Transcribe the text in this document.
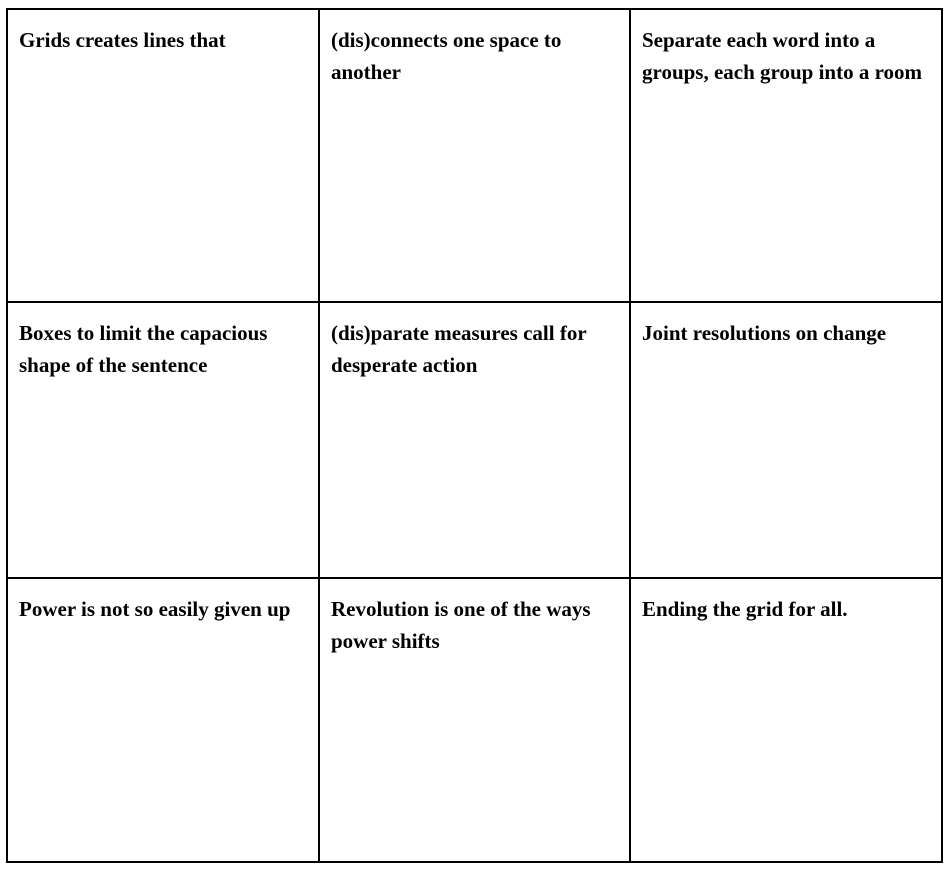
Grids creates lines that	(dis)connects one space to another	Separate each word into a groups, each group into a room
Boxes to limit the capacious shape of the sentence	(dis)parate measures call for desperate action	Joint resolutions on change
Power is not so easily given up	Revolution is one of the ways power shifts	Ending the grid for all.
